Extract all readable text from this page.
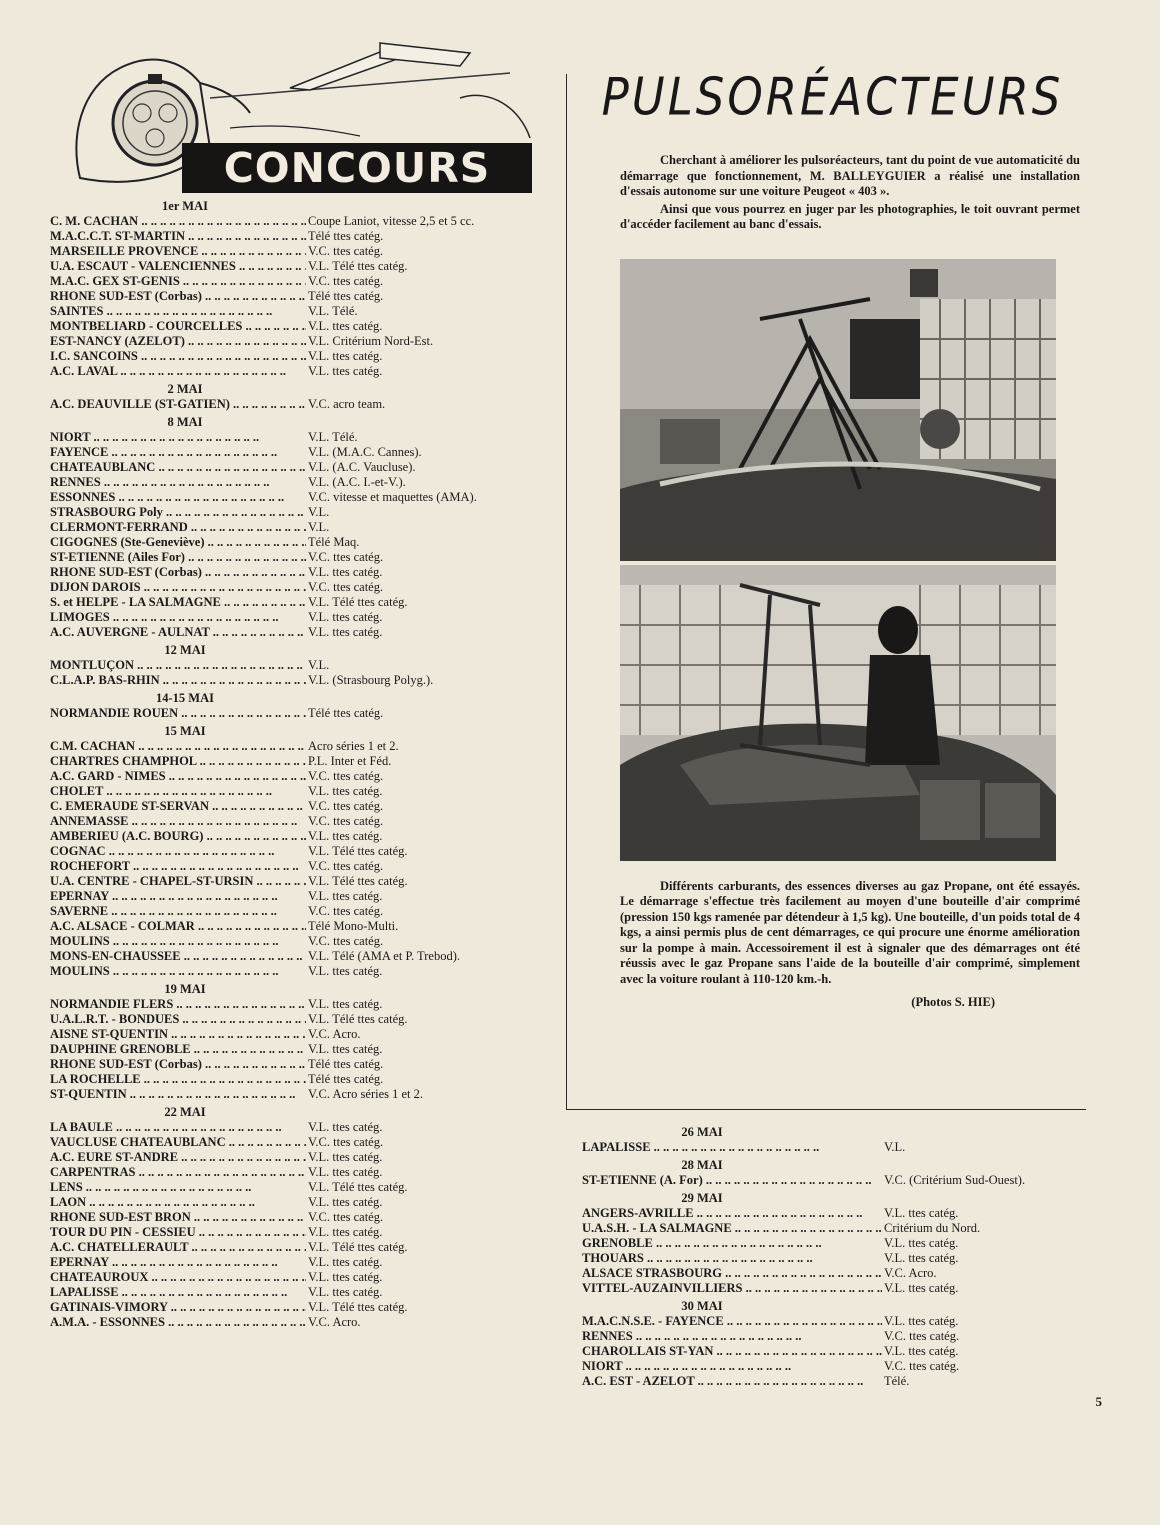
CONCOURS
1er MAI
C. M. CACHAN .. ..	Coupe Laniot, vitesse 2,5 et 5 cc.
M.A.C.C.T. ST-MARTIN .. ..	Télé ttes catég.
MARSEILLE PROVENCE .. ..	V.C. ttes catég.
U.A. ESCAUT - VALENCIENNES .. ..	V.L. Télé ttes catég.
M.A.C. GEX ST-GENIS .. ..	V.C. ttes catég.
RHONE SUD-EST (Corbas) .. ..	Télé ttes catég.
SAINTES .. ..	V.L. Télé.
MONTBELIARD - COURCELLES .. ..	V.L. ttes catég.
EST-NANCY (AZELOT) .. ..	V.L. Critérium Nord-Est.
I.C. SANCOINS .. ..	V.L. ttes catég.
A.C. LAVAL .. ..	V.L. ttes catég.
2 MAI
A.C. DEAUVILLE (ST-GATIEN) .. ..	V.C. acro team.
8 MAI
NIORT .. ..	V.L. Télé.
FAYENCE .. ..	V.L. (M.A.C. Cannes).
CHATEAUBLANC .. ..	V.L. (A.C. Vaucluse).
RENNES .. ..	V.L. (A.C. I.-et-V.).
ESSONNES .. ..	V.C. vitesse et maquettes (AMA).
STRASBOURG Poly .. ..	V.L.
CLERMONT-FERRAND .. ..	V.L.
CIGOGNES (Ste-Geneviève) .. ..	Télé Maq.
ST-ETIENNE (Ailes For) .. ..	V.C. ttes catég.
RHONE SUD-EST (Corbas) .. ..	V.L. ttes catég.
DIJON DAROIS .. ..	V.C. ttes catég.
S. et HELPE - LA SALMAGNE .. ..	V.L. Télé ttes catég.
LIMOGES .. ..	V.L. ttes catég.
A.C. AUVERGNE - AULNAT .. ..	V.L. ttes catég.
12 MAI
MONTLUÇON .. ..	V.L.
C.L.A.P. BAS-RHIN .. ..	V.L. (Strasbourg Polyg.).
14-15 MAI
NORMANDIE ROUEN .. ..	Télé ttes catég.
15 MAI
C.M. CACHAN .. ..	Acro séries 1 et 2.
CHARTRES CHAMPHOL .. ..	P.L. Inter et Féd.
A.C. GARD - NIMES .. ..	V.C. ttes catég.
CHOLET .. ..	V.L. ttes catég.
C. EMERAUDE ST-SERVAN .. ..	V.C. ttes catég.
ANNEMASSE .. ..	V.C. ttes catég.
AMBERIEU (A.C. BOURG) .. ..	V.L. ttes catég.
COGNAC .. ..	V.L. Télé ttes catég.
ROCHEFORT .. ..	V.C. ttes catég.
U.A. CENTRE - CHAPEL-ST-URSIN .. ..	V.L. Télé ttes catég.
EPERNAY .. ..	V.L. ttes catég.
SAVERNE .. ..	V.C. ttes catég.
A.C. ALSACE - COLMAR .. ..	Télé Mono-Multi.
MOULINS .. ..	V.C. ttes catég.
MONS-EN-CHAUSSEE .. ..	V.L. Télé (AMA et P. Trebod).
MOULINS .. ..	V.L. ttes catég.
19 MAI
NORMANDIE FLERS .. ..	V.L. ttes catég.
U.A.L.R.T. - BONDUES .. ..	V.L. Télé ttes catég.
AISNE ST-QUENTIN .. ..	V.C. Acro.
DAUPHINE GRENOBLE .. ..	V.L. ttes catég.
RHONE SUD-EST (Corbas) .. ..	Télé ttes catég.
LA ROCHELLE .. ..	Télé ttes catég.
ST-QUENTIN .. ..	V.C. Acro séries 1 et 2.
22 MAI
LA BAULE .. ..	V.L. ttes catég.
VAUCLUSE CHATEAUBLANC .. ..	V.C. ttes catég.
A.C. EURE ST-ANDRE .. ..	V.L. ttes catég.
CARPENTRAS .. ..	V.L. ttes catég.
LENS .. ..	V.L. Télé ttes catég.
LAON .. ..	V.L. ttes catég.
RHONE SUD-EST BRON .. ..	V.C. ttes catég.
TOUR DU PIN - CESSIEU .. ..	V.L. ttes catég.
A.C. CHATELLERAULT .. ..	V.L. Télé ttes catég.
EPERNAY .. ..	V.L. ttes catég.
CHATEAUROUX .. ..	V.L. ttes catég.
LAPALISSE .. ..	V.L. ttes catég.
GATINAIS-VIMORY .. ..	V.L. Télé ttes catég.
A.M.A. - ESSONNES .. ..	V.C. Acro.
PULSORÉACTEURS

Cherchant à améliorer les pulsoréacteurs, tant du point de vue automaticité du démarrage que fonctionnement, M. BALLEYGUIER a réalisé une installation d'essais autonome sur une voiture Peugeot « 403 ».

Ainsi que vous pourrez en juger par les photographies, le toit ouvrant permet d'accéder facilement au banc d'essais.

Différents carburants, des essences diverses au gaz Propane, ont été essayés. Le démarrage s'effectue très facilement au moyen d'une bouteille d'air comprimé (pression 150 kgs ramenée par détendeur à 1,5 kg). Une bouteille, d'un poids total de 4 kgs, a ainsi permis plus de cent démarrages, ce qui procure une énorme amélioration sur la pompe à main. Accessoirement il est à signaler que des démarrages ont été réussis avec le gaz Propane sans l'aide de la bouteille d'air comprimé, simplement avec la voiture roulant à 110-120 km.-h.

(Photos S. HIE)
26 MAI
LAPALISSE .. ..	V.L.
28 MAI
ST-ETIENNE (A. For) .. ..	V.C. (Critérium Sud-Ouest).
29 MAI
ANGERS-AVRILLE .. ..	V.L. ttes catég.
U.A.S.H. - LA SALMAGNE .. ..	Critérium du Nord.
GRENOBLE .. ..	V.L. ttes catég.
THOUARS .. ..	V.L. ttes catég.
ALSACE STRASBOURG .. ..	V.C. Acro.
VITTEL-AUZAINVILLIERS .. ..	V.L. ttes catég.
30 MAI
M.A.C.N.S.E. - FAYENCE .. ..	V.L. ttes catég.
RENNES .. ..	V.C. ttes catég.
CHAROLLAIS ST-YAN .. ..	V.L. ttes catég.
NIORT .. ..	V.C. ttes catég.
A.C. EST - AZELOT .. ..	Télé.
5
